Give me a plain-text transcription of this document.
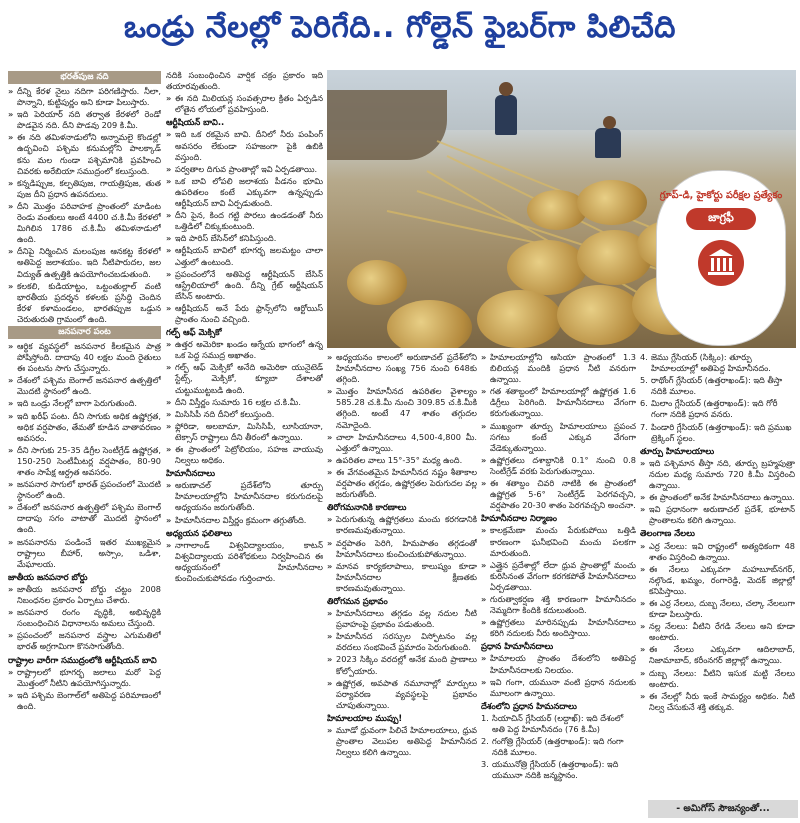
ఒండ్రు నేలల్లో పెరిగేది.. గోల్డెన్ ఫైబర్‌గా పిలిచేది
భరత్‌పుజ నది
» దీన్ని కేరళ నైలు నదిగా పరిగణిస్తారు. నీలా, పొన్నాని, కుట్టిపుర్ణం అని కూడా పిలుస్తారు.
» ఇది పెరియార్ నది తర్వాత కేరళలో రెండో పొడవైన నది. దీని పొడవు 209 కి.మీ.
» ఈ నది తమిళనాడులోని అన్నామలై కొండల్లో ఉద్భవించి పశ్చిమ కనుమల్లోని పాలక్కాడ్ కను మల గుండా పశ్చిమానికి ప్రవహించి చివరకు అరేబియా సముద్రంలో కలుస్తుంది.
» కన్నడిప్పుజ, కల్పతిపుజ, గాయత్రిపుజ, తుత పుజ దీని ప్రధాన ఉపనదులు.
» దీని మొత్తం పరివాహక ప్రాంతంలో మాడింట రెండు వంతులు అంటే 4400 చ.కి.మీ కేరళలో మిగిలిన 1786 చ.కి.మీ తమిళనాడులో ఉంది.
» దీనిపై నిర్మించిన మలంపుజ ఆనకట్ట కేరళలో అతిపెద్ద జలాశయం. ఇది నీటిపారుదల, జల విద్యుత్ ఉత్పత్తికి ఉపయోగించబడుతుంది.
» కలకలి, కుడియాట్టం, ఒట్టంతుల్లాల్ వంటి భారతీయ ప్రదర్శన కళలకు ప్రసిద్ధి చెందిన కేరళ కళామండలం, భారతప్పుజ ఒడ్డున చెరుతురుతి గ్రామంలో ఉంది.
జనపనార పంట
» ఆర్థిక వ్యవస్థలో జనపనార కీలకమైన పాత్ర పోషిస్తోంది. దాదాపు 40 లక్షల మంది రైతులు ఈ పంటను సాగు చేస్తున్నారు.
» దేశంలో పశ్చిమ బెంగాల్ జనపనార ఉత్పత్తిలో మొదటి స్థానంలో ఉంది.
» ఇది ఒండ్రు నేలల్లో బాగా పెరుగుతుంది.
» ఇది ఖరీఫ్ పంట. దీని సాగుకు అధిక ఉష్ణోగ్రత, అధిక వర్షపాతం, తేమతో కూడిన వాతావరణం అవసరం.
» దీని సాగుకు 25-35 డిగ్రీల సెంటీగ్రేడ్ ఉష్ణోగ్రత, 150-250 సెంటీమీటర్ల వర్షపాతం, 80-90 శాతం సాపేక్ష ఆర్ద్రత అవసరం.
» జనపనార సాగులో భారత్ ప్రపంచంలో మొదటి స్థానంలో ఉంది.
» దేశంలో జనపనార ఉత్పత్తిలో పశ్చిమ బెంగాల్ దాదాపు సగం వాటాతో మొదటి స్థానంలో ఉంది.
» జనపనారను పండించే ఇతర ముఖ్యమైన రాష్ట్రాలు బీహార్, అస్సాం, ఒడిశా, మేఘాలయ.
జాతీయ జనపనార బోర్డు
» జాతీయ జనపనార బోర్డు చట్టం 2008 నిబంధనల ప్రకారం ఏర్పాటు చేశారు.
» జనపనార రంగం వృద్ధికి, అభివృద్ధికి సంబంధించిన విధానాలను అమలు చేస్తుంది.
» ప్రపంచంలో జనపనార వస్త్రాల ఎగుమతిలో భారత్ అగ్రగామిగా కొనసాగుతోంది.
రాష్ట్రాల వారీగా సముద్రంలోకి ఆర్టీషియన్ బావి
» రాష్ట్రాలలో భూగర్భ జలాలు మరో పెద్ద మొత్తంలో నీటిని ఉపయోగిస్తున్నారు.
» ఇది పశ్చిమ బెంగాల్‌లో అతిపెద్ద పరిమాణంలో ఉంది.
నదికి సంబంధించిన వార్షిక చక్రం ప్రకారం ఇది తయారవుతుంది.
» ఈ నది మిలియన్ల సంవత్సరాల క్రితం ఏర్పడిన లోతైన లోయలో ప్రవహిస్తుంది.
ఆర్టీషియన్ బావి..
» ఇది ఒక రకమైన బావి. దీనిలో నీరు పంపింగ్ అవసరం లేకుండా సహజంగా పైకి ఉబికి వస్తుంది.
» పర్వతాల దిగువ ప్రాంతాల్లో ఇవి ఏర్పడతాయి.
» ఒక బావి లోపలి జలాశయ పీడనం భూమి ఉపరితలం కంటే ఎక్కువగా ఉన్నప్పుడు ఆర్టీషియన్ బావి ఏర్పడుతుంది.
» దీని పైన, కింద గట్టి పొరలు ఉండడంతో నీరు ఒత్తిడిలో చిక్కుకుంటుంది.
» ఇది పారిస్ బేసిన్‌లో కనిపిస్తుంది.
» ఆర్టీషియన్ బావిలో భూగర్భ జలమట్టం చాలా ఎత్తులో ఉంటుంది.
» ప్రపంచంలోనే అతిపెద్ద ఆర్టీషియన్ బేసిన్ ఆస్ట్రేలియాలో ఉంది. దీన్ని గ్రేట్ ఆర్టీషియన్ బేసిన్ అంటారు.
» ఆర్టీషియన్ అనే పేరు ఫ్రాన్స్‌లోని ఆర్టోయిస్ ప్రాంతం నుంచి వచ్చింది.
గల్ఫ్ ఆఫ్ మెక్సికో
» ఉత్తర అమెరికా ఖండం ఆగ్నేయ భాగంలో ఉన్న ఒక పెద్ద సముద్ర అఖాతం.
» గల్ఫ్ ఆఫ్ మెక్సికో అనేది అమెరికా యునైటెడ్ స్టేట్స్, మెక్సికో, క్యూబా దేశాలతో చుట్టుముట్టబడి ఉంది.
» దీని విస్తీర్ణం సుమారు 16 లక్షల చ.కి.మీ.
» మిసిసిపీ నది దీనిలో కలుస్తుంది.
» ఫ్లోరిడా, అలబామా, మిసిసిపీ, లూసియానా, టెక్సాస్ రాష్ట్రాలు దీని తీరంలో ఉన్నాయి.
» ఈ ప్రాంతంలో పెట్రోలియం, సహజ వాయువు నిల్వలు అధికం.
హిమానీనదాలు
» అరుణాచల్ ప్రదేశ్‌లోని తూర్పు హిమాలయాల్లోని హిమానీనదాల కరుగుదలపై అధ్యయనం జరుగుతోంది.
» హిమానీనదాల విస్తీర్ణం క్రమంగా తగ్గుతోంది.
అధ్యయన ఫలితాలు
» నాగాలాండ్ విశ్వవిద్యాలయం, కాటన్ విశ్వవిద్యాలయ పరిశోధకులు నిర్వహించిన ఈ అధ్యయనంలో హిమానీనదాల కుంచించుకుపోవడం గుర్తించారు.
గ్రూప్-డి, హైకోర్టు పరీక్షల ప్రత్యేకం
జాగ్రఫీ
» అధ్యయనం కాలంలో అరుణాచల్ ప్రదేశ్‌లోని హిమానీనదాల సంఖ్య 756 నుంచి 648కు తగ్గింది.
» మొత్తం హిమానీనద ఉపరితల వైశాల్యం 585.28 చ.కి.మీ నుంచి 309.85 చ.కి.మీకి తగ్గింది. అంటే 47 శాతం తగ్గుదల నమోదైంది.
» చాలా హిమానీనదాలు 4,500-4,800 మీ. ఎత్తులో ఉన్నాయి.
» ఉపరితల వాలు 15°-35° మధ్య ఉంది.
» ఈ వేగవంతమైన హిమానీనద నష్టం శీతాకాల వర్షపాతం తగ్గడం, ఉష్ణోగ్రతల పెరుగుదల వల్ల జరుగుతోంది.
తిరోగమనానికి కారణాలు
» పెరుగుతున్న ఉష్ణోగ్రతలు మంచు కరగడానికి కారణమవుతున్నాయి.
» వర్షపాతం పెరిగి, హిమపాతం తగ్గడంతో హిమానీనదాలు కుంచించుకుపోతున్నాయి.
» మానవ కార్యకలాపాలు, కాలుష్యం కూడా హిమానీనదాల క్షీణతకు కారణమవుతున్నాయి.
తిరోగమన ప్రభావం
» హిమానీనదాలు తగ్గడం వల్ల నదుల నీటి ప్రవాహంపై ప్రభావం పడుతుంది.
» హిమానీనద సరస్సుల విస్ఫోటనం వల్ల వరదలు సంభవించే ప్రమాదం పెరుగుతుంది.
» 2023 సిక్కిం వరదల్లో అనేక మంది ప్రాణాలు కోల్పోయారు.
» ఉష్ణోగ్రత, అవపాత నమూనాల్లో మార్పులు పర్యావరణ వ్యవస్థలపై ప్రభావం చూపుతున్నాయి.
హిమాలయాల ముప్పు!
» మూడో ధ్రువంగా పిలిచే హిమాలయాలు, ధ్రువ ప్రాంతాల వెలుపల అతిపెద్ద హిమానీనద నిల్వలు కలిగి ఉన్నాయి.
» హిమాలయాల్లోని ఆసియా ప్రాంతంలో 1.3 బిలియన్ల మందికి ప్రధాన నీటి వనరుగా ఉన్నాయి.
» గత శతాబ్దంలో హిమాలయాల్లో ఉష్ణోగ్రత 1.6 డిగ్రీలు పెరిగింది. హిమానీనదాలు వేగంగా కరుగుతున్నాయి.
» ముఖ్యంగా తూర్పు హిమాలయాలు ప్రపంచ సగటు కంటే ఎక్కువ వేగంగా వేడెక్కుతున్నాయి.
» ఉష్ణోగ్రతలు దశాబ్దానికి 0.1° నుంచి 0.8 సెంటీగ్రేడ్ వరకు పెరుగుతున్నాయి.
» ఈ శతాబ్దం చివరి నాటికి ఈ ప్రాంతంలో ఉష్ణోగ్రత 5-6° సెంటీగ్రేడ్ పెరగవచ్చని, వర్షపాతం 20-30 శాతం పెరగవచ్చని అంచనా.
హిమానీనదాల నిర్మాణం
» కాలక్రమేణా మంచు పేరుకుపోయి ఒత్తిడి కారణంగా ఘనీభవించి మంచు పలకగా మారుతుంది.
» ఎత్తైన ప్రదేశాల్లో లేదా ధ్రువ ప్రాంతాల్లో మంచు కురిసినంత వేగంగా కరగకపోతే హిమానీనదాలు ఏర్పడతాయి.
» గురుత్వాకర్షణ శక్తి కారణంగా హిమానీనదం నెమ్మదిగా కిందికి కదులుతుంది.
» ఉష్ణోగ్రతలు మారినప్పుడు హిమానీనదాలు కరిగి నదులకు నీరు అందిస్తాయి.
ప్రధాన హిమానీనదాలు
» హిమాలయ ప్రాంతం దేశంలోని అతిపెద్ద హిమానీనదాలకు నిలయం.
» ఇవి గంగా, యమునా వంటి ప్రధాన నదులకు మూలంగా ఉన్నాయి.
దేశంలోని ప్రధాన హిమనదాలు
1. సియాచిన్ గ్లేసియర్ (లద్దాఖ్): ఇది దేశంలో అతి పెద్ద హిమానీనదం (76 కి.మీ)
2. గంగోత్రి గ్లేసియర్ (ఉత్తరాఖండ్): ఇది గంగా నదికి మూలం.
3. యమునోత్రి గ్లేసియర్ (ఉత్తరాఖండ్): ఇది యమునా నదికి జన్మస్థానం.
4. జెము గ్లేసియర్ (సిక్కిం): తూర్పు హిమాలయాల్లో అతిపెద్ద హిమానీనదం.
5. రాథోంగ్ గ్లేసియర్ (ఉత్తరాఖండ్): ఇది తీస్తా నదికి మూలం.
6. మిలాం గ్లేసియర్ (ఉత్తరాఖండ్): ఇది గోరీ గంగా నదికి ప్రధాన వనరు.
7. పిండారి గ్లేసియర్ (ఉత్తరాఖండ్): ఇది ప్రముఖ ట్రెక్కింగ్ స్థలం.
తూర్పు హిమాలయాలు
» ఇది పశ్చిమాన తీస్తా నది, తూర్పు బ్రహ్మపుత్రా నదుల మధ్య సుమారు 720 కి.మీ విస్తరించి ఉన్నాయి.
» ఈ ప్రాంతంలో అనేక హిమానీనదాలు ఉన్నాయి.
» ఇవి ప్రధానంగా అరుణాచల్ ప్రదేశ్, భూటాన్ ప్రాంతాలను కలిగి ఉన్నాయి.
తెలంగాణ నేలలు
» ఎర్ర నేలలు: ఇవి రాష్ట్రంలో అత్యధికంగా 48 శాతం విస్తరించి ఉన్నాయి.
» ఈ నేలలు ఎక్కువగా మహబూబ్‌నగర్, నల్గొండ, ఖమ్మం, రంగారెడ్డి, మెదక్ జిల్లాల్లో కనిపిస్తాయి.
» ఈ ఎర్ర నేలలు, దుబ్బ నేలలు, చల్కా నేలలుగా కూడా పిలుస్తారు.
» నల్ల నేలలు: వీటిని రేగడి నేలలు అని కూడా అంటారు.
» ఈ నేలలు ఎక్కువగా ఆదిలాబాద్, నిజామాబాద్, కరీంనగర్ జిల్లాల్లో ఉన్నాయి.
» దుబ్బ నేలలు: వీటిని ఇసుక మట్టి నేలలు అంటారు.
» ఈ నేలల్లో నీరు ఇంకే సామర్థ్యం అధికం. నీటి నిల్వ చేసుకునే శక్తి తక్కువ.
- అమిగోస్ సౌజన్యంతో...
